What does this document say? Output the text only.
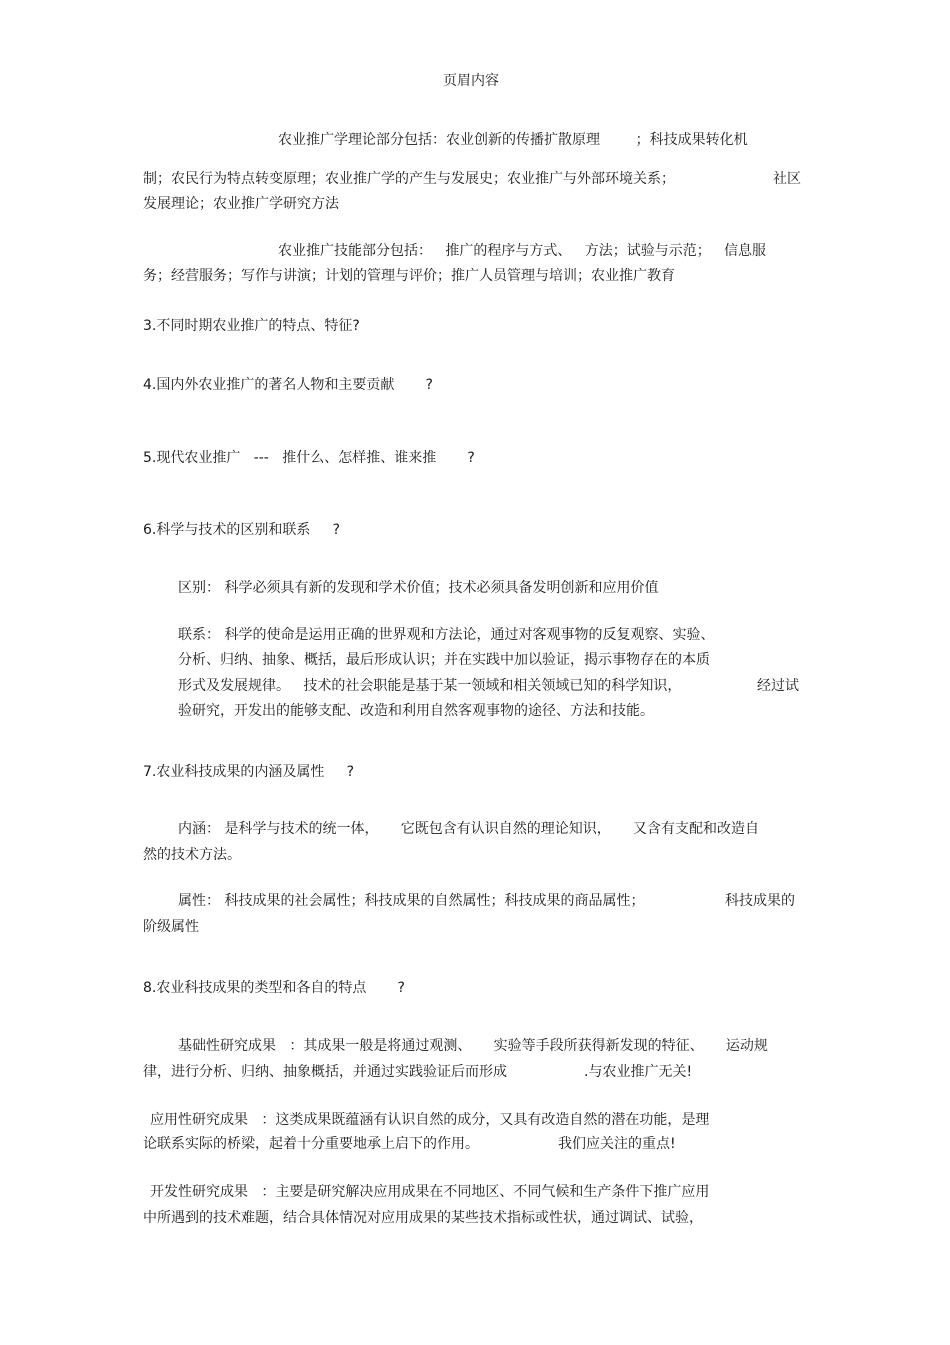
页眉内容
农业推广学理论部分包括：农业创新的传播扩散原理        ；科技成果转化机
制；农民行为特点转变原理；农业推广学的产生与发展史；农业推广与外部环境关系；	社区
发展理论；农业推广学研究方法
农业推广技能部分包括：   推广的程序与方式、   方法；试验与示范；   信息服
务；经营服务；写作与讲演；计划的管理与评价；推广人员管理与培训；农业推广教育
3.不同时期农业推广的特点、特征?
4.国内外农业推广的著名人物和主要贡献       ?
5.现代农业推广   ---   推什么、怎样推、谁来推       ?
6.科学与技术的区别和联系     ?
区别： 科学必须具有新的发现和学术价值；技术必须具备发明创新和应用价值
联系： 科学的使命是运用正确的世界观和方法论，通过对客观事物的反复观察、实验、
分析、归纳、抽象、概括，最后形成认识；并在实践中加以验证，揭示事物存在的本质
形式及发展规律。   技术的社会职能是基于某一领域和相关领域已知的科学知识，	经过试
验研究，开发出的能够支配、改造和利用自然客观事物的途径、方法和技能。
7.农业科技成果的内涵及属性     ?
内涵： 是科学与技术的统一体，     它既包含有认识自然的理论知识，     又含有支配和改造自
然的技术方法。
属性： 科技成果的社会属性；科技成果的自然属性；科技成果的商品属性；	科技成果的
阶级属性
8.农业科技成果的类型和各自的特点       ?
基础性研究成果   ：其成果一般是将通过观测、     实验等手段所获得新发现的特征、     运动规
律，进行分析、归纳、抽象概括，并通过实践验证后而形成	.与农业推广无关!
应用性研究成果   ：这类成果既蕴涵有认识自然的成分，又具有改造自然的潜在功能，是理
论联系实际的桥梁，起着十分重要地承上启下的作用。	我们应关注的重点!
开发性研究成果   ：主要是研究解决应用成果在不同地区、不同气候和生产条件下推广应用
中所遇到的技术难题，结合具体情况对应用成果的某些技术指标或性状，通过调试、试验，
